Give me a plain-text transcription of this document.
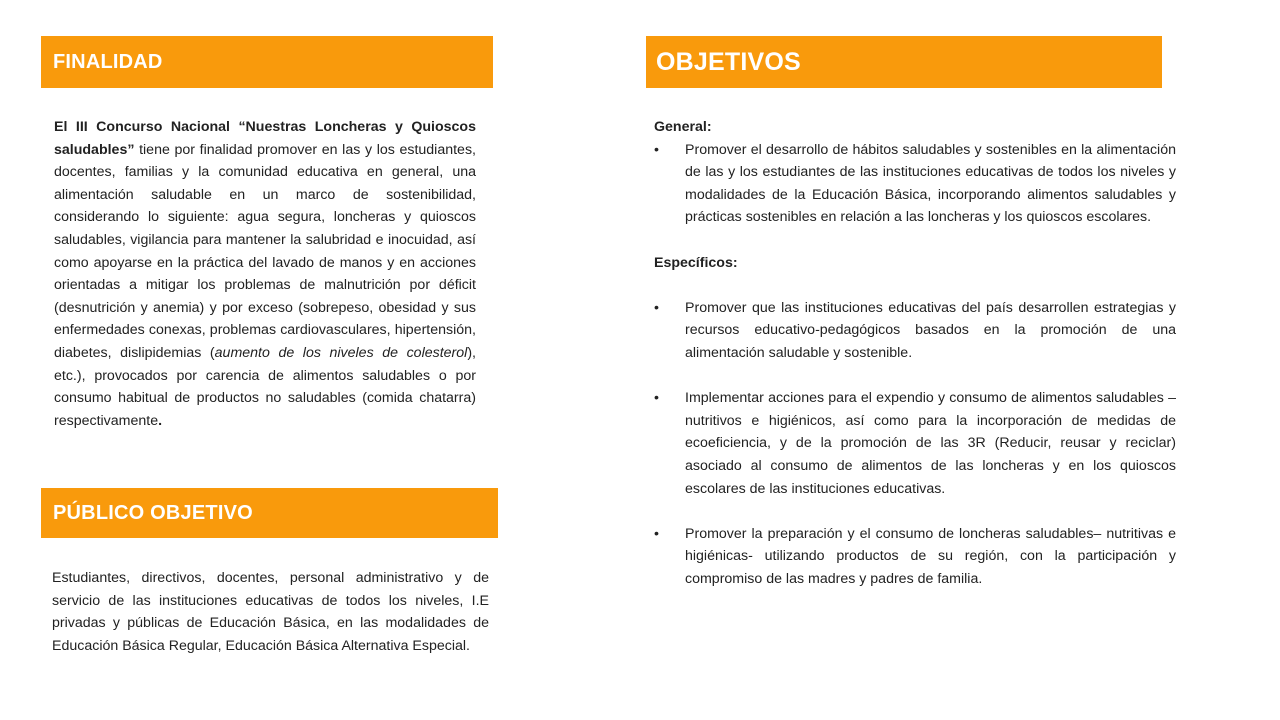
FINALIDAD
El III Concurso Nacional “Nuestras Loncheras y Quioscos saludables” tiene por finalidad promover en las y los estudiantes, docentes, familias y la comunidad educativa en general, una alimentación saludable en un marco de sostenibilidad, considerando lo siguiente: agua segura, loncheras y quioscos saludables, vigilancia para mantener la salubridad e inocuidad, así como apoyarse en la práctica del lavado de manos y en acciones orientadas a mitigar los problemas de malnutrición por déficit (desnutrición y anemia) y por exceso (sobrepeso, obesidad y sus enfermedades conexas, problemas cardiovasculares, hipertensión, diabetes, dislipidemias (aumento de los niveles de colesterol), etc.), provocados por carencia de alimentos saludables o por consumo habitual de productos no saludables (comida chatarra) respectivamente.
PÚBLICO OBJETIVO
Estudiantes, directivos, docentes, personal administrativo y de servicio de las instituciones educativas de todos los niveles, I.E privadas y públicas de Educación Básica, en las modalidades de Educación Básica Regular, Educación Básica Alternativa Especial.
OBJETIVOS
General:
• Promover el desarrollo de hábitos saludables y sostenibles en la alimentación de las y los estudiantes de las instituciones educativas de todos los niveles y modalidades de la Educación Básica, incorporando alimentos saludables y prácticas sostenibles en relación a las loncheras y los quioscos escolares.
Específicos:
• Promover que las instituciones educativas del país desarrollen estrategias y recursos educativo-pedagógicos basados en la promoción de una alimentación saludable y sostenible.
• Implementar acciones para el expendio y consumo de alimentos saludables –nutritivos e higiénicos, así como para la incorporación de medidas de ecoeficiencia, y de la promoción de las 3R (Reducir, reusar y reciclar) asociado al consumo de alimentos de las loncheras y en los quioscos escolares de las instituciones educativas.
• Promover la preparación y el consumo de loncheras saludables– nutritivas e higiénicas- utilizando productos de su región, con la participación y compromiso de las madres y padres de familia.
